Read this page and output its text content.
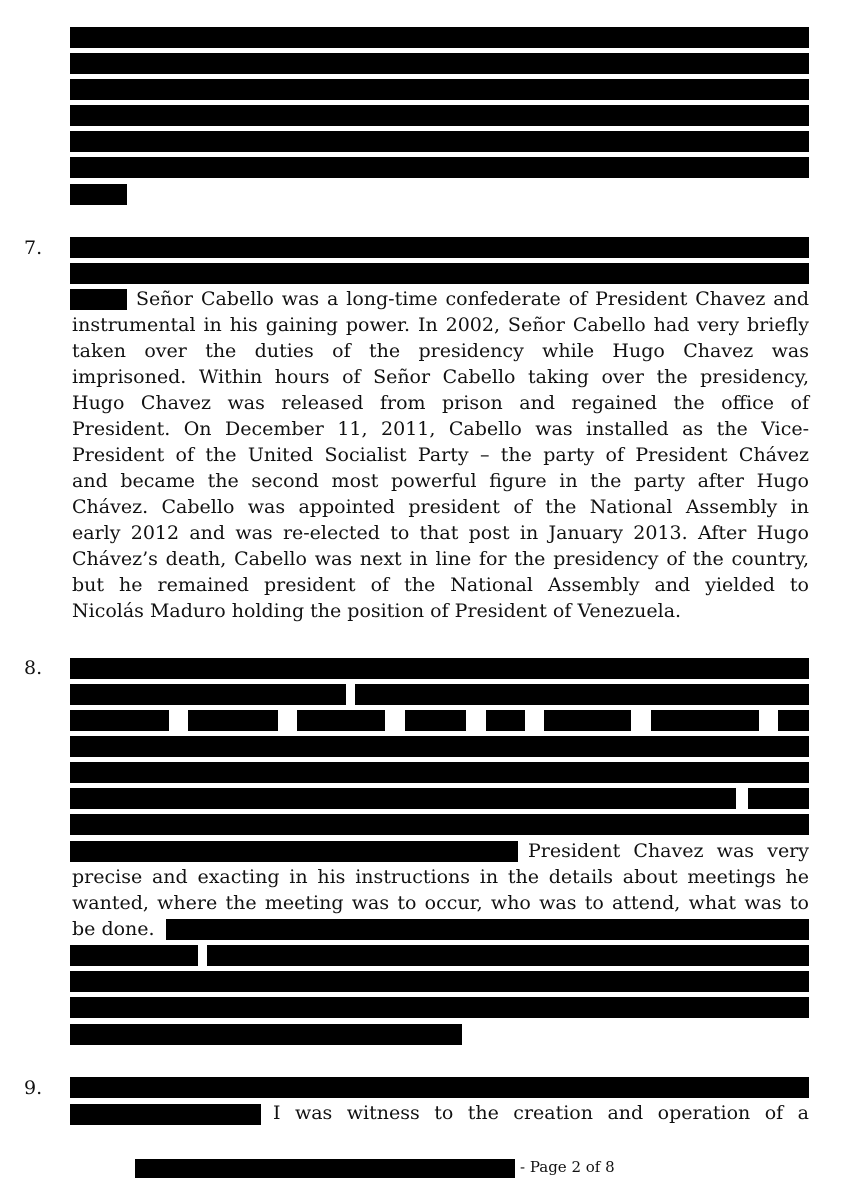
7.
Señor Cabello was a long-time confederate of President Chavez and
instrumental in his gaining power. In 2002, Señor Cabello had very briefly
taken over the duties of the presidency while Hugo Chavez was
imprisoned. Within hours of Señor Cabello taking over the presidency,
Hugo Chavez was released from prison and regained the office of
President. On December 11, 2011, Cabello was installed as the Vice-
President of the United Socialist Party – the party of President Chávez
and became the second most powerful figure in the party after Hugo
Chávez. Cabello was appointed president of the National Assembly in
early 2012 and was re-elected to that post in January 2013. After Hugo
Chávez’s death, Cabello was next in line for the presidency of the country,
but he remained president of the National Assembly and yielded to
Nicolás Maduro holding the position of President of Venezuela.
8.
President Chavez was very
precise and exacting in his instructions in the details about meetings he
wanted, where the meeting was to occur, who was to attend, what was to
be done.
9.
I was witness to the creation and operation of a
- Page 2 of 8
